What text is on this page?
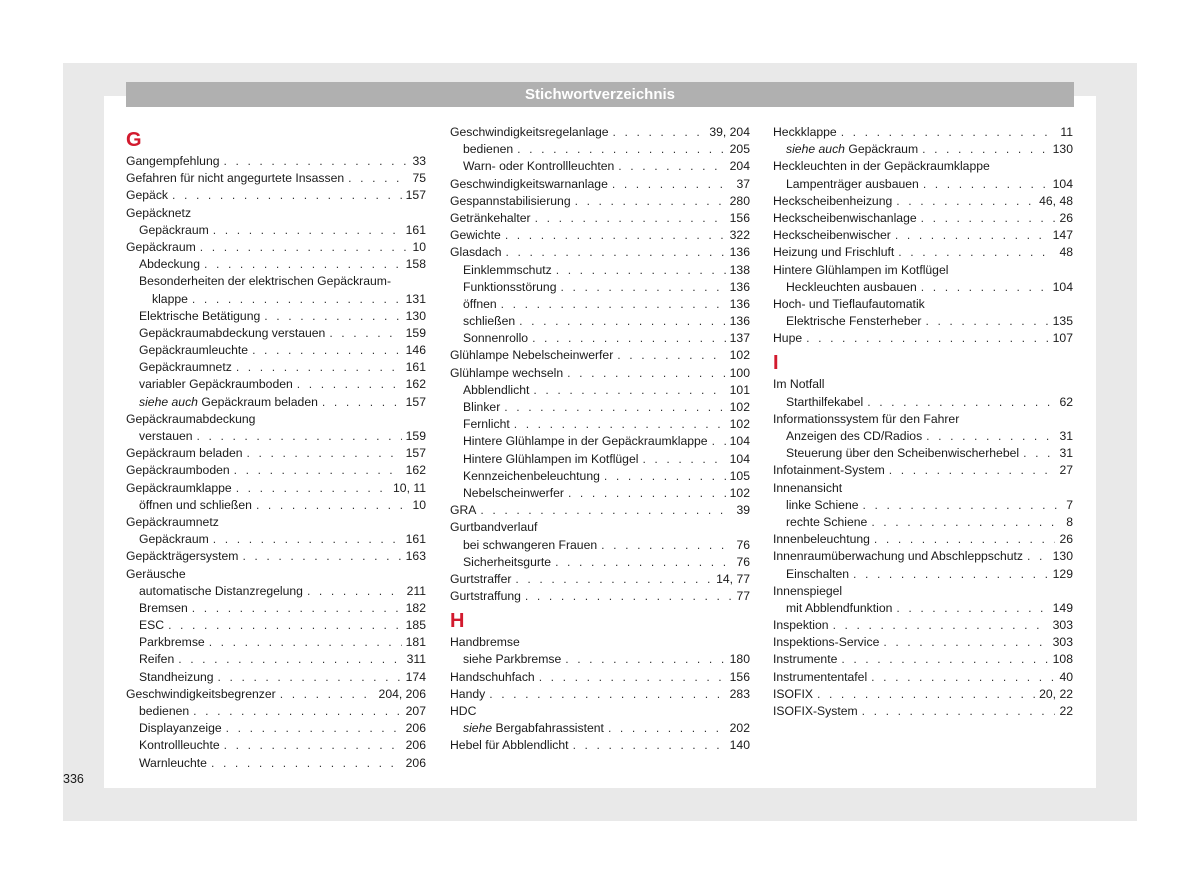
Stichwortverzeichnis
G
Gangempfehlung . . .	33
Gefahren für nicht angegurtete Insassen . . .	75
Gepäck . . .	157
Gepäcknetz
Gepäckraum . . .	161
Gepäckraum . . .	10
Abdeckung . . .	158
Besonderheiten der elektrischen Gepäckraum-
klappe . . .	131
Elektrische Betätigung . . .	130
Gepäckraumabdeckung verstauen . . .	159
Gepäckraumleuchte . . .	146
Gepäckraumnetz . . .	161
variabler Gepäckraumboden . . .	162
siehe auch Gepäckraum beladen . . .	157
Gepäckraumabdeckung
verstauen . . .	159
Gepäckraum beladen . . .	157
Gepäckraumboden . . .	162
Gepäckraumklappe . . .	10, 11
öffnen und schließen . . .	10
Gepäckraumnetz
Gepäckraum . . .	161
Gepäckträgersystem . . .	163
Geräusche
automatische Distanzregelung . . .	211
Bremsen . . .	182
ESC . . .	185
Parkbremse . . .	181
Reifen . . .	311
Standheizung . . .	174
Geschwindigkeitsbegrenzer . . .	204, 206
bedienen . . .	207
Displayanzeige . . .	206
Kontrollleuchte . . .	206
Warnleuchte . . .	206
Geschwindigkeitsregelanlage . . .	39, 204
bedienen . . .	205
Warn- oder Kontrollleuchten . . .	204
Geschwindigkeitswarnanlage . . .	37
Gespannstabilisierung . . .	280
Getränkehalter . . .	156
Gewichte . . .	322
Glasdach . . .	136
Einklemmschutz . . .	138
Funktionsstörung . . .	136
öffnen . . .	136
schließen . . .	136
Sonnenrollo . . .	137
Glühlampe Nebelscheinwerfer . . .	102
Glühlampe wechseln . . .	100
Abblendlicht . . .	101
Blinker . . .	102
Fernlicht . . .	102
Hintere Glühlampe in der Gepäckraumklappe . . . 104
Hintere Glühlampen im Kotflügel . . .	104
Kennzeichenbeleuchtung . . .	105
Nebelscheinwerfer . . .	102
GRA . . .	39
Gurtbandverlauf
bei schwangeren Frauen . . .	76
Sicherheitsgurte . . .	76
Gurtstraffer . . .	14, 77
Gurtstraffung . . .	77
H
Handbremse
siehe Parkbremse . . .	180
Handschuhfach . . .	156
Handy . . .	283
HDC
siehe Bergabfahrassistent . . .	202
Hebel für Abblendlicht . . .	140
Heckklappe . . .	11
siehe auch Gepäckraum . . .	130
Heckleuchten in der Gepäckraumklappe
Lampenträger ausbauen . . .	104
Heckscheibenheizung . . .	46, 48
Heckscheibenwischanlage . . .	26
Heckscheibenwischer . . .	147
Heizung und Frischluft . . .	48
Hintere Glühlampen im Kotflügel
Heckleuchten ausbauen . . .	104
Hoch- und Tieflaufautomatik
Elektrische Fensterheber . . .	135
Hupe . . .	107
I
Im Notfall
Starthilfekabel . . .	62
Informationssystem für den Fahrer
Anzeigen des CD/Radios . . .	31
Steuerung über den Scheibenwischerhebel . . .	31
Infotainment-System . . .	27
Innenansicht
linke Schiene . . .	7
rechte Schiene . . .	8
Innenbeleuchtung . . .	26
Innenraumüberwachung und Abschleppschutz . . . 130
Einschalten . . .	129
Innenspiegel
mit Abblendfunktion . . .	149
Inspektion . . .	303
Inspektions-Service . . .	303
Instrumente . . .	108
Instrumententafel . . .	40
ISOFIX . . .	20, 22
ISOFIX-System . . .	22
336
